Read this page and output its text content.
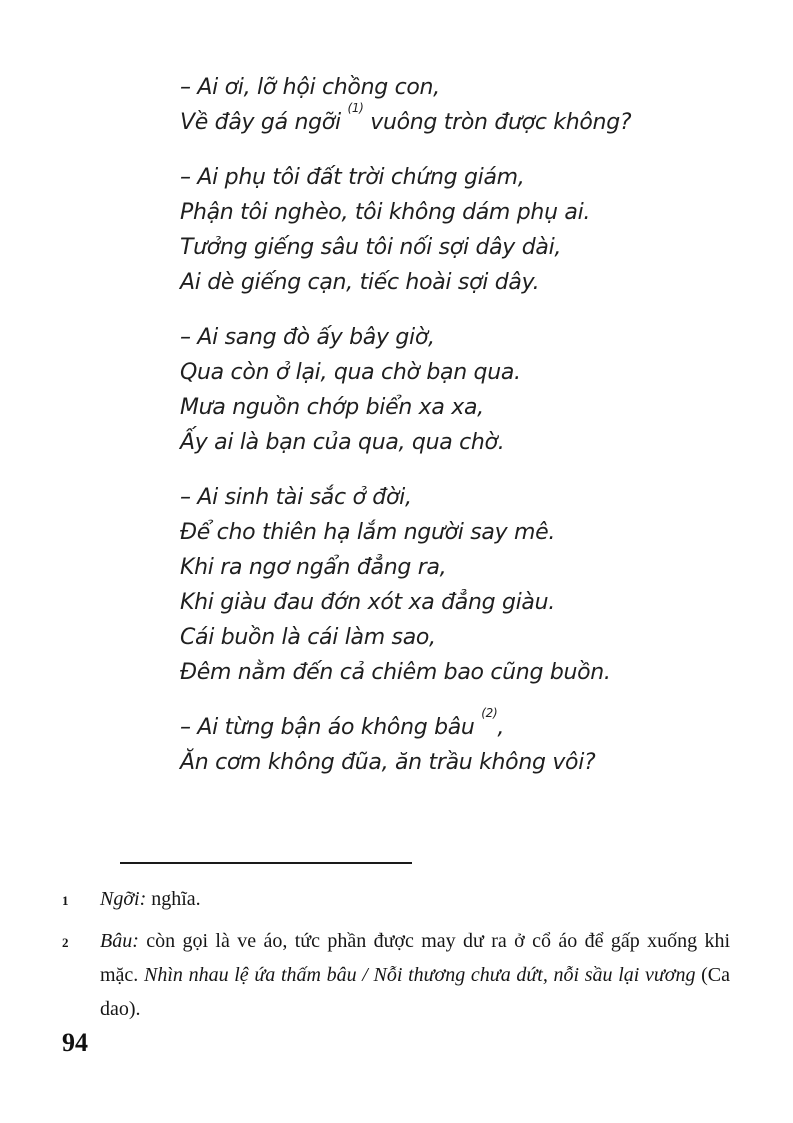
– Ai ơi, lỡ hội chồng con,
Về đây gá ngỡi $^{(1)}$ vuông tròn được không?
– Ai phụ tôi đất trời chứng giám,
Phận tôi nghèo, tôi không dám phụ ai.
Tưởng giếng sâu tôi nối sợi dây dài,
Ai dè giếng cạn, tiếc hoài sợi dây.
– Ai sang đò ấy bây giờ,
Qua còn ở lại, qua chờ bạn qua.
Mưa nguồn chớp biển xa xa,
Ấy ai là bạn của qua, qua chờ.
– Ai sinh tài sắc ở đời,
Để cho thiên hạ lắm người say mê.
Khi ra ngơ ngẩn đẳng ra,
Khi giàu đau đớn xót xa đẳng giàu.
Cái buồn là cái làm sao,
Đêm nằm đến cả chiêm bao cũng buồn.
– Ai từng bận áo không bâu $^{(2)}$,
Ăn cơm không đũa, ăn trầu không vôi?
1	Ngỡi: nghĩa.
2	Bâu: còn gọi là ve áo, tức phần được may dư ra ở cổ áo để gấp xuống khi mặc. Nhìn nhau lệ ứa thấm bâu / Nỗi thương chưa dứt, nỗi sầu lại vương (Ca dao).
94
